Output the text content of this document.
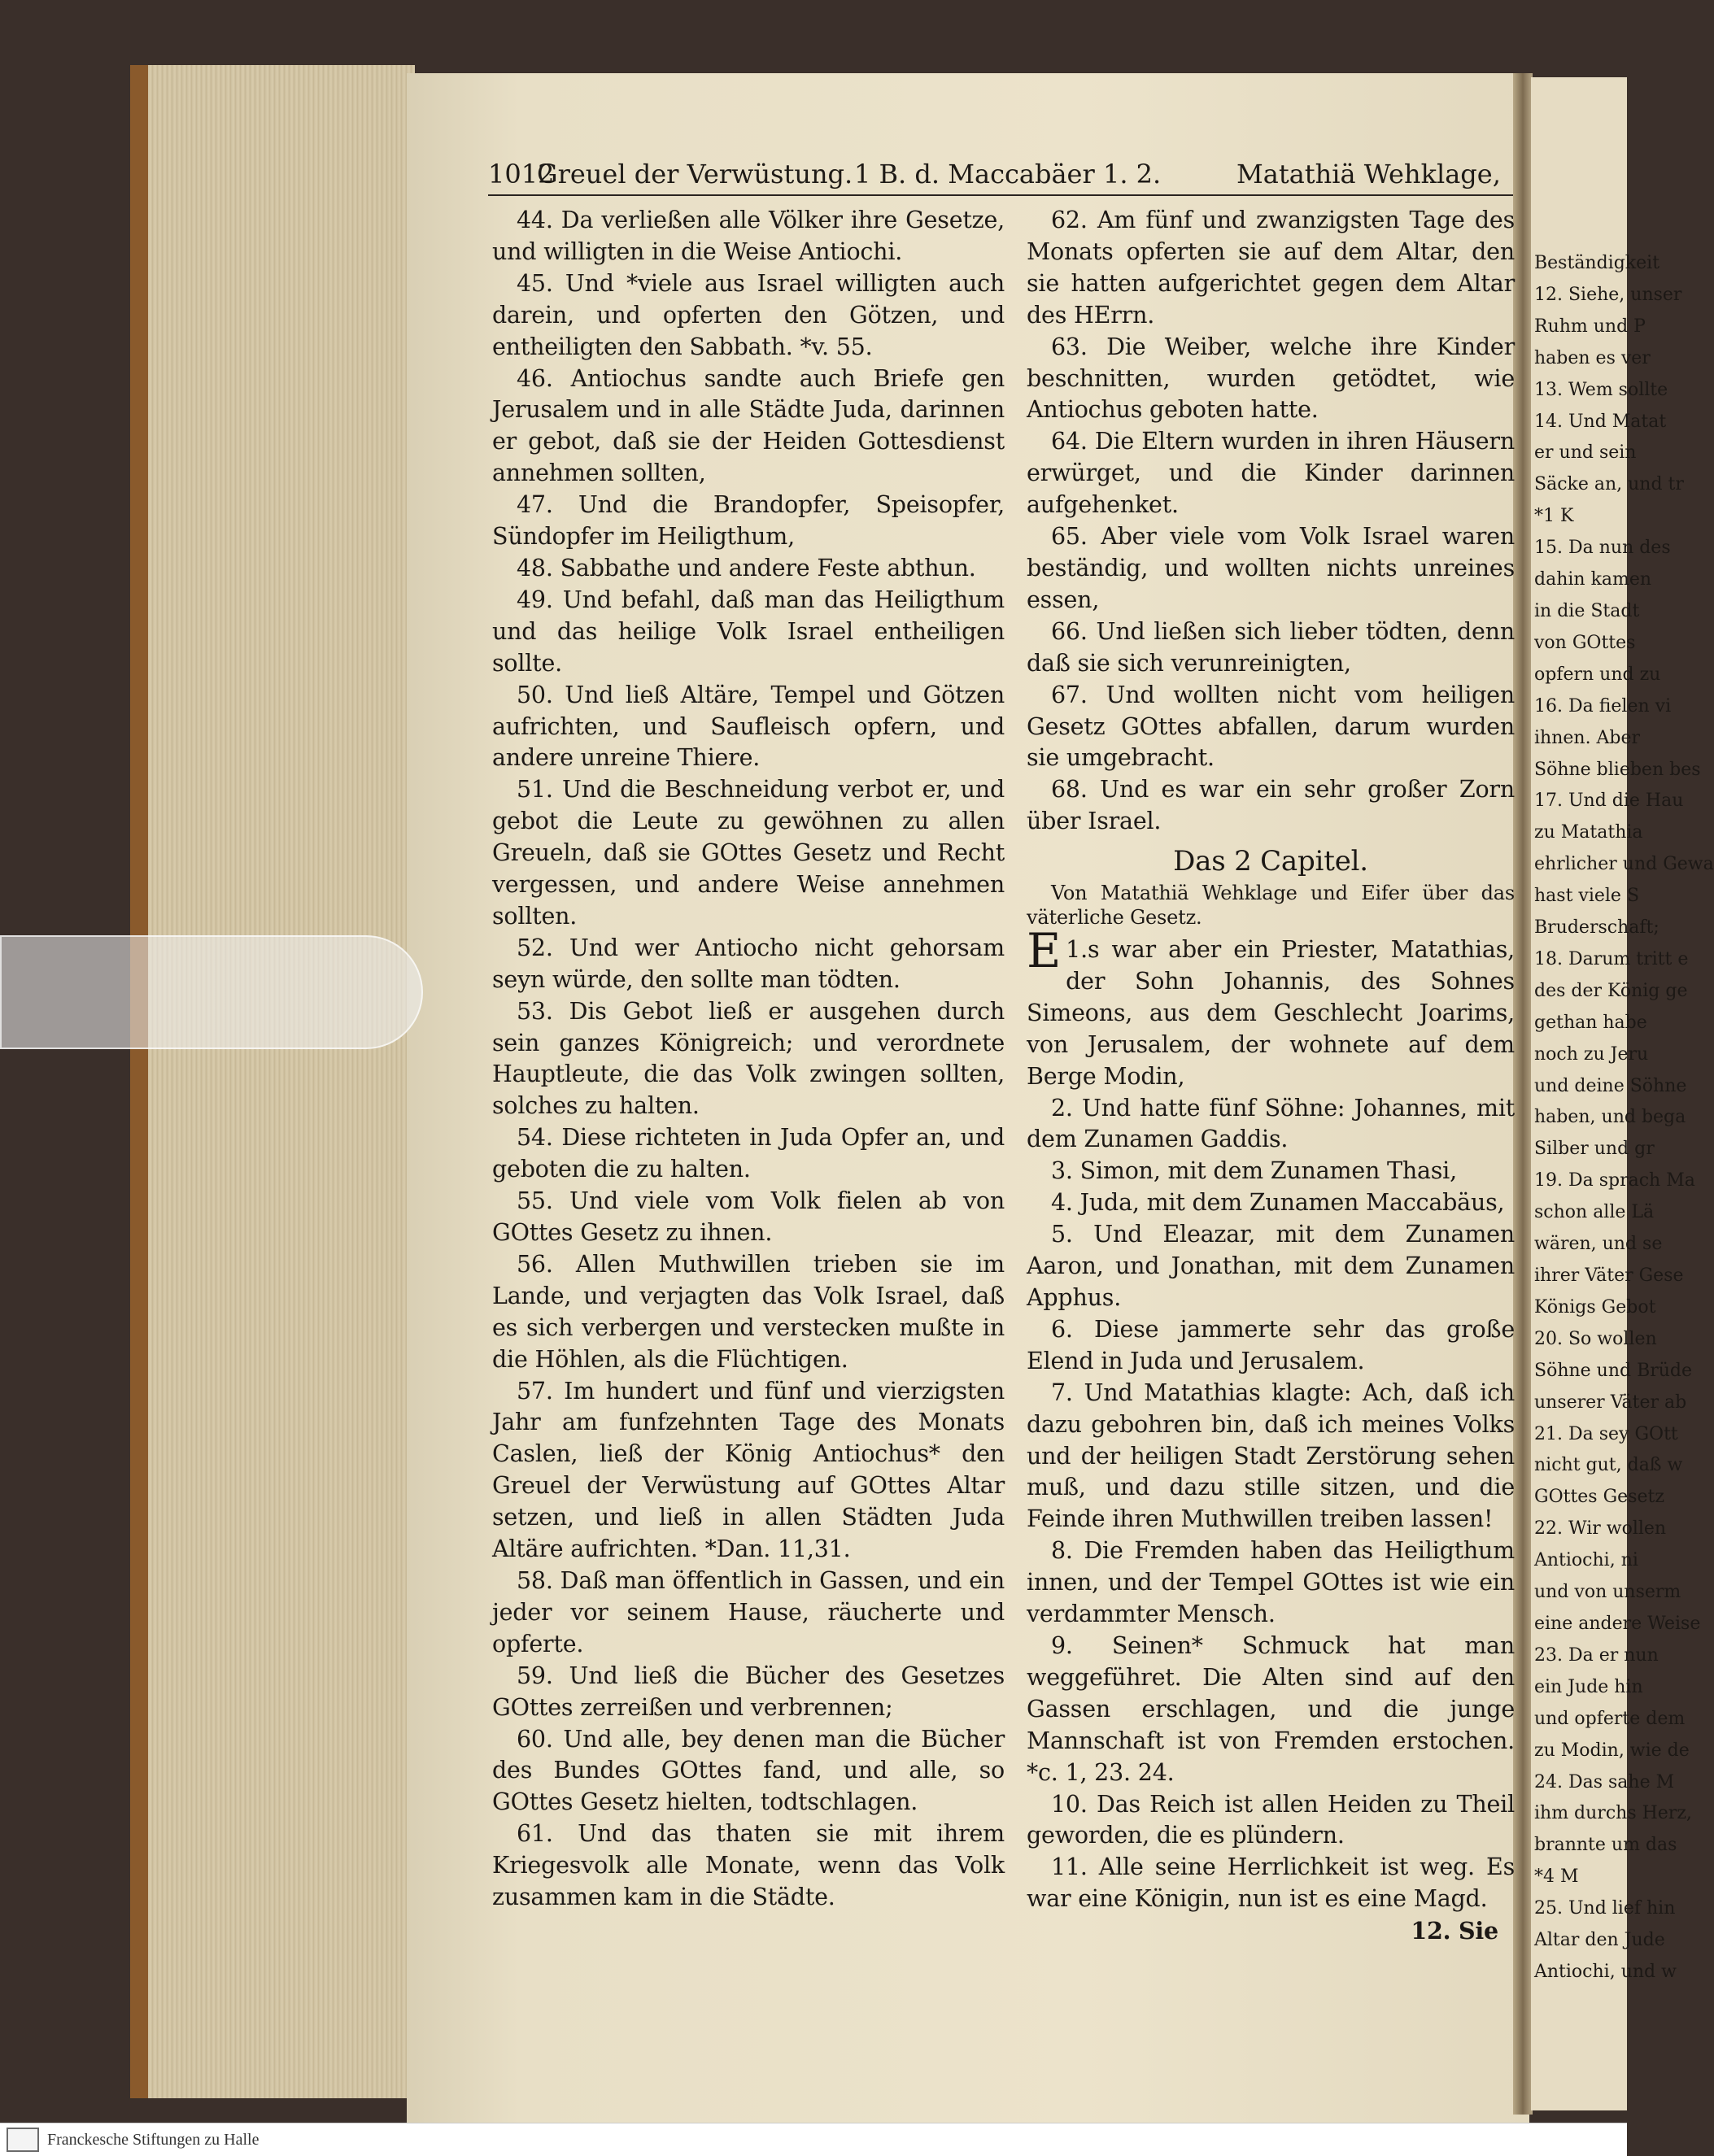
Beständigkeit
12. Siehe, unser
Ruhm und P
haben es ver
13. Wem sollte
14. Und Matat
er und sein
Säcke an, und tr
*1 K
15. Da nun des
dahin kamen
in die Stadt
von GOttes
opfern und zu
16. Da fielen vi
ihnen. Aber
Söhne blieben bes
17. Und die Hau
zu Matathia
ehrlicher und Gewa
hast viele S
Bruderschaft;
18. Darum tritt e
des der König ge
gethan habe
noch zu Jeru
und deine Söhne
haben, und bega
Silber und gr
19. Da sprach Ma
schon alle Lä
wären, und se
ihrer Väter Gese
Königs Gebot
20. So wollen
Söhne und Brüde
unserer Väter ab
21. Da sey GOtt
nicht gut, daß w
GOttes Gesetz
22. Wir wollen
Antiochi, ni
und von unserm
eine andere Weise
23. Da er nun
ein Jude hin
und opferte dem
zu Modin, wie de
24. Das sahe M
ihm durchs Herz,
brannte um das
*4 M
25. Und lief hin
Altar den Jude
Antiochi, und w
1012
Greuel der Verwüstung. 1 B. d. Maccabäer 1. 2.	Matathiä Wehklage,

44. Da verließen alle Völker ihre Gesetze, und willigten in die Weise Antiochi.

45. Und *viele aus Israel willigten auch darein, und opferten den Götzen, und entheiligten den Sabbath. *v. 55.

46. Antiochus sandte auch Briefe gen Jerusalem und in alle Städte Juda, darinnen er gebot, daß sie der Heiden Gottesdienst annehmen sollten,

47. Und die Brandopfer, Speisopfer, Sündopfer im Heiligthum,

48. Sabbathe und andere Feste abthun.

49. Und befahl, daß man das Heiligthum und das heilige Volk Israel entheiligen sollte.

50. Und ließ Altäre, Tempel und Götzen aufrichten, und Saufleisch opfern, und andere unreine Thiere.

51. Und die Beschneidung verbot er, und gebot die Leute zu gewöhnen zu allen Greueln, daß sie GOttes Gesetz und Recht vergessen, und andere Weise annehmen sollten.

52. Und wer Antiocho nicht gehorsam seyn würde, den sollte man tödten.

53. Dis Gebot ließ er ausgehen durch sein ganzes Königreich; und verordnete Hauptleute, die das Volk zwingen sollten, solches zu halten.

54. Diese richteten in Juda Opfer an, und geboten die zu halten.

55. Und viele vom Volk fielen ab von GOttes Gesetz zu ihnen.

56. Allen Muthwillen trieben sie im Lande, und verjagten das Volk Israel, daß es sich verbergen und verstecken mußte in die Höhlen, als die Flüchtigen.

57. Im hundert und fünf und vierzigsten Jahr am funfzehnten Tage des Monats Caslen, ließ der König Antiochus* den Greuel der Verwüstung auf GOttes Altar setzen, und ließ in allen Städten Juda Altäre aufrichten. *Dan. 11,31.

58. Daß man öffentlich in Gassen, und ein jeder vor seinem Hause, räucherte und opferte.

59. Und ließ die Bücher des Gesetzes GOttes zerreißen und verbrennen;

60. Und alle, bey denen man die Bücher des Bundes GOttes fand, und alle, so GOttes Gesetz hielten, todtschlagen.

61. Und das thaten sie mit ihrem Kriegesvolk alle Monate, wenn das Volk zusammen kam in die Städte.

62. Am fünf und zwanzigsten Tage des Monats opferten sie auf dem Altar, den sie hatten aufgerichtet gegen dem Altar des HErrn.

63. Die Weiber, welche ihre Kinder beschnitten, wurden getödtet, wie Antiochus geboten hatte.

64. Die Eltern wurden in ihren Häusern erwürget, und die Kinder darinnen aufgehenket.

65. Aber viele vom Volk Israel waren beständig, und wollten nichts unreines essen,

66. Und ließen sich lieber tödten, denn daß sie sich verunreinigten,

67. Und wollten nicht vom heiligen Gesetz GOttes abfallen, darum wurden sie umgebracht.

68. Und es war ein sehr großer Zorn über Israel.

Das 2 Capitel.

Von Matathiä Wehklage und Eifer über das väterliche Gesetz.

1.
E s war aber ein Priester, Matathias, der Sohn Johannis, des Sohnes Simeons, aus dem Geschlecht Joarims, von Jerusalem, der wohnete auf dem Berge Modin,

2. Und hatte fünf Söhne: Johannes, mit dem Zunamen Gaddis.

3. Simon, mit dem Zunamen Thasi,

4. Juda, mit dem Zunamen Maccabäus,

5. Und Eleazar, mit dem Zunamen Aaron, und Jonathan, mit dem Zunamen Apphus.

6. Diese jammerte sehr das große Elend in Juda und Jerusalem.

7. Und Matathias klagte: Ach, daß ich dazu gebohren bin, daß ich meines Volks und der heiligen Stadt Zerstörung sehen muß, und dazu stille sitzen, und die Feinde ihren Muthwillen treiben lassen!

8. Die Fremden haben das Heiligthum innen, und der Tempel GOttes ist wie ein verdammter Mensch.

9. Seinen* Schmuck hat man weggeführet. Die Alten sind auf den Gassen erschlagen, und die junge Mannschaft ist von Fremden erstochen. *c. 1, 23. 24.

10. Das Reich ist allen Heiden zu Theil geworden, die es plündern.

11. Alle seine Herrlichkeit ist weg. Es war eine Königin, nun ist es eine Magd.

12. Sie
Franckesche Stiftungen zu Halle
